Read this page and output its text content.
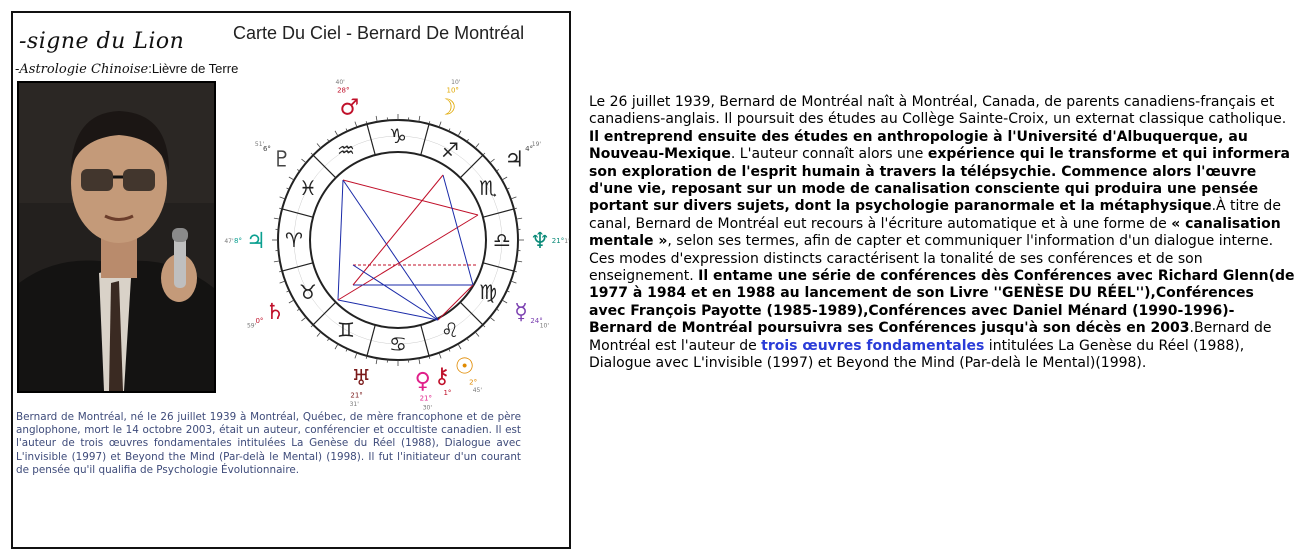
-signe du Lion	Carte Du Ciel - Bernard De Montréal
-Astrologie Chinoise:Lièvre de Terre
♑
♐
♏
♎
♍
♌
♋
♊
♉
♈
♓
♒
♂
28°
40'
☽
10°
10'
♃ 4°
19'
♆ 21° 1'
☿ 24°
10'
☉
2°
45'
♀
21°
30'
♅
21°
31'
♄
0°
59'
♃
8°
47'
♇
6°
51'
⚷
1°
Bernard de Montréal, né le 26 juillet 1939 à Montréal, Québec, de mère francophone et de père anglophone, mort le 14 octobre 2003, était un auteur, conférencier et occultiste canadien. Il est l'auteur de trois œuvres fondamentales intitulées La Genèse du Réel (1988), Dialogue avec L'invisible (1997) et Beyond the Mind (Par-delà le Mental) (1998). Il fut l'initiateur d'un courant de pensée qu'il qualifia de Psychologie Évolutionnaire.
Le 26 juillet 1939, Bernard de Montréal naît à Montréal, Canada, de parents canadiens-français et canadiens-anglais. Il poursuit des études au Collège Sainte-Croix, un externat classique catholique. Il entreprend ensuite des études en anthropologie à l'Université d'Albuquerque, au Nouveau-Mexique. L'auteur connaît alors une expérience qui le transforme et qui informera son exploration de l'esprit humain à travers la télépsychie. Commence alors l'œuvre d'une vie, reposant sur un mode de canalisation consciente qui produira une pensée portant sur divers sujets, dont la psychologie paranormale et la métaphysique.À titre de canal, Bernard de Montréal eut recours à l'écriture automatique et à une forme de « canalisation mentale », selon ses termes, afin de capter et communiquer l'information d'un dialogue interne. Ces modes d'expression distincts caractérisent la tonalité de ses conférences et de son enseignement. Il entame une série de conférences dès Conférences avec Richard Glenn(de 1977 à 1984 et en 1988 au lancement de son Livre ''GENÈSE DU RÉEL''),Conférences avec François Payotte (1985-1989),Conférences avec Daniel Ménard (1990-1996)-Bernard de Montréal poursuivra ses Conférences jusqu'à son décès en 2003.Bernard de Montréal est l'auteur de trois œuvres fondamentales intitulées La Genèse du Réel (1988), Dialogue avec L'invisible (1997) et Beyond the Mind (Par-delà le Mental)(1998).
